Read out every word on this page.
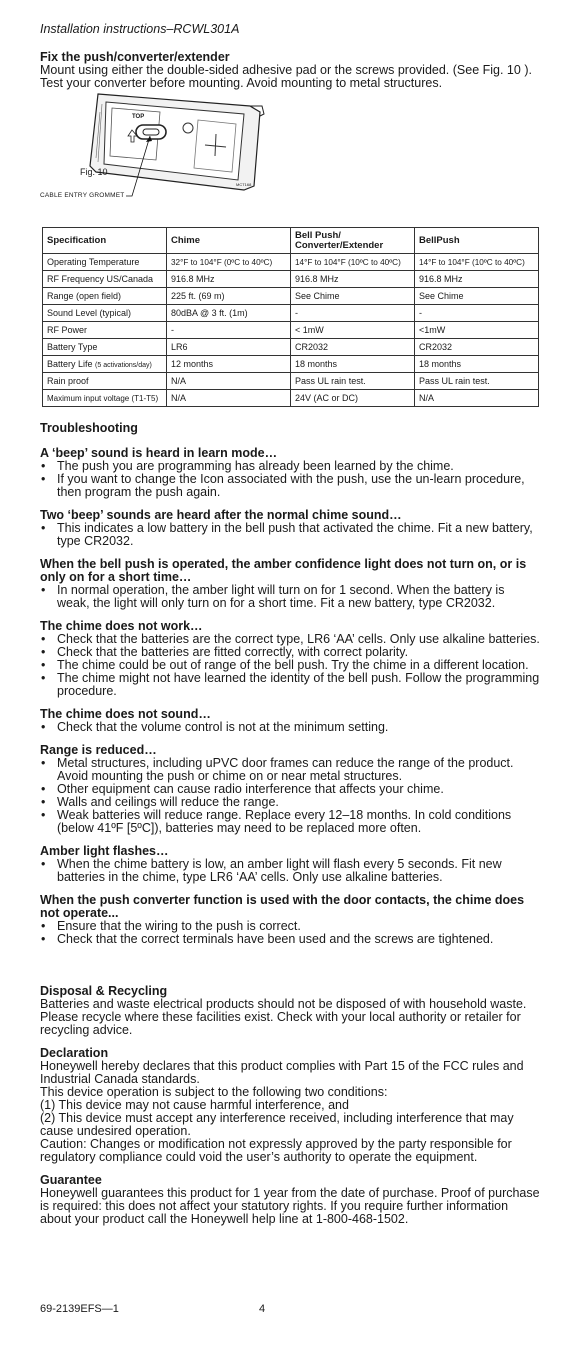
Installation instructions–RCWL301A
Fix the push/converter/extender
Mount using either the double-sided adhesive pad or the screws provided. (See Fig. 10 ). Test your converter before mounting. Avoid mounting to metal structures.
Fig. 10
CABLE ENTRY GROMMET
MCT168
TOP
Specification	Chime	Bell Push/ Converter/Extender	BellPush
Operating Temperature	32°F to 104°F (0ºC to 40ºC)	14°F to 104°F (10ºC to 40ºC)	14°F to 104°F (10ºC to 40ºC)
RF Frequency US/Canada	916.8 MHz	916.8 MHz	916.8 MHz
Range (open field)	225 ft. (69 m)	See Chime	See Chime
Sound Level (typical)	80dBA @ 3 ft. (1m)	-	-
RF Power	-	< 1mW	<1mW
Battery Type	LR6	CR2032	CR2032
Battery Life (5 activations/day)	12 months	18 months	18 months
Rain proof	N/A	Pass UL rain test.	Pass UL rain test.
Maximum input voltage (T1-T5)	N/A	24V (AC or DC)	N/A
Troubleshooting
A ‘beep’ sound is heard in learn mode…
• The push you are programming has already been learned by the chime.
• If you want to change the Icon associated with the push, use the un-learn procedure, then program the push again.
Two ‘beep’ sounds are heard after the normal chime sound…
• This indicates a low battery in the bell push that activated the chime. Fit a new battery, type CR2032.
When the bell push is operated, the amber confidence light does not turn on, or is only on for a short time…
• In normal operation, the amber light will turn on for 1 second. When the battery is weak, the light will only turn on for a short time. Fit a new battery, type CR2032.
The chime does not work…
• Check that the batteries are the correct type, LR6 ‘AA’ cells. Only use alkaline batteries.
• Check that the batteries are fitted correctly, with correct polarity.
• The chime could be out of range of the bell push. Try the chime in a different location.
• The chime might not have learned the identity of the bell push. Follow the programming procedure.
The chime does not sound…
• Check that the volume control is not at the minimum setting.
Range is reduced…
• Metal structures, including uPVC door frames can reduce the range of the product. Avoid mounting the push or chime on or near metal structures.
• Other equipment can cause radio interference that affects your chime.
• Walls and ceilings will reduce the range.
• Weak batteries will reduce range. Replace every 12–18 months. In cold conditions (below 41ºF [5ºC]), batteries may need to be replaced more often.
Amber light flashes…
• When the chime battery is low, an amber light will flash every 5 seconds. Fit new batteries in the chime, type LR6 ‘AA’ cells. Only use alkaline batteries.
When the push converter function is used with the door contacts, the chime does not operate...
• Ensure that the wiring to the push is correct.
• Check that the correct terminals have been used and the screws are tightened.
Disposal & Recycling
Batteries and waste electrical products should not be disposed of with household waste. Please recycle where these facilities exist. Check with your local authority or retailer for recycling advice.
Declaration
Honeywell hereby declares that this product complies with Part 15 of the FCC rules and Industrial Canada standards.
This device operation is subject to the following two conditions:
(1) This device may not cause harmful interference, and
(2) This device must accept any interference received, including interference that may cause undesired operation.
Caution: Changes or modification not expressly approved by the party responsible for regulatory compliance could void the user’s authority to operate the equipment.
Guarantee
Honeywell guarantees this product for 1 year from the date of purchase. Proof of purchase is required: this does not affect your statutory rights. If you require further information about your product call the Honeywell help line at 1-800-468-1502.
69-2139EFS—1	4
